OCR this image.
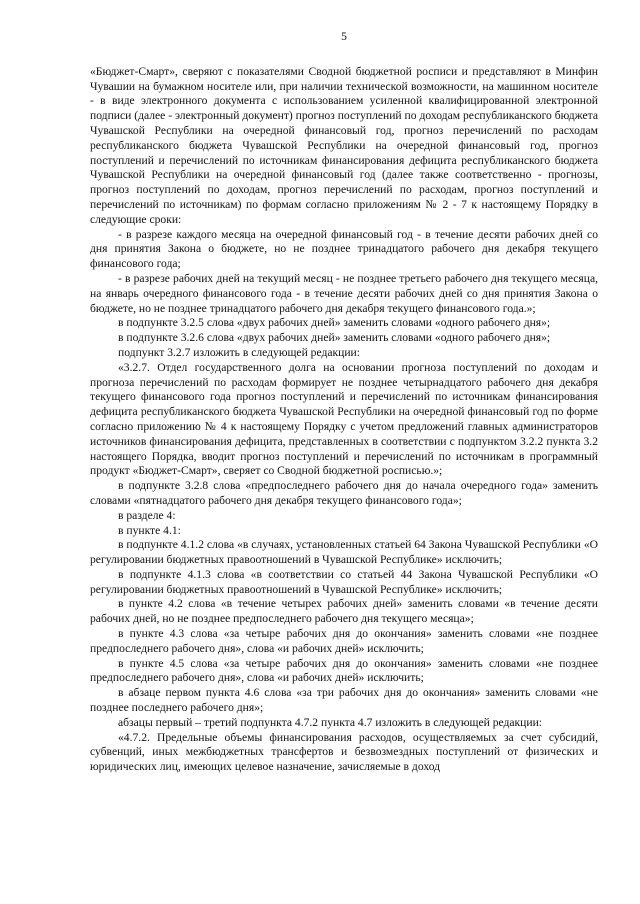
5

«Бюджет-Смарт», сверяют с показателями Сводной бюджетной росписи и представляют в Минфин Чувашии на бумажном носителе или, при наличии технической возможности, на машинном носителе - в виде электронного документа с использованием усиленной квалифицированной электронной подписи (далее - электронный документ) прогноз поступлений по доходам республиканского бюджета Чувашской Республики на очередной финансовый год, прогноз перечислений по расходам республиканского бюджета Чувашской Республики на очередной финансовый год, прогноз поступлений и перечислений по источникам финансирования дефицита республиканского бюджета Чувашской Республики на очередной финансовый год (далее также соответственно - прогнозы, прогноз поступлений по доходам, прогноз перечислений по расходам, прогноз поступлений и перечислений по источникам) по формам согласно приложениям № 2 - 7 к настоящему Порядку в следующие сроки:

- в разрезе каждого месяца на очередной финансовый год - в течение десяти рабочих дней со дня принятия Закона о бюджете, но не позднее тринадцатого рабочего дня декабря текущего финансового года;

- в разрезе рабочих дней на текущий месяц - не позднее третьего рабочего дня текущего месяца, на январь очередного финансового года - в течение десяти рабочих дней со дня принятия Закона о бюджете, но не позднее тринадцатого рабочего дня декабря текущего финансового года.»;

в подпункте 3.2.5 слова «двух рабочих дней» заменить словами «одного рабочего дня»;

в подпункте 3.2.6 слова «двух рабочих дней» заменить словами «одного рабочего дня»;

подпункт 3.2.7 изложить в следующей редакции:

«3.2.7. Отдел государственного долга на основании прогноза поступлений по доходам и прогноза перечислений по расходам формирует не позднее четырнадцатого рабочего дня декабря текущего финансового года прогноз поступлений и перечислений по источникам финансирования дефицита республиканского бюджета Чувашской Республики на очередной финансовый год по форме согласно приложению № 4 к настоящему Порядку с учетом предложений главных администраторов источников финансирования дефицита, представленных в соответствии с подпунктом 3.2.2 пункта 3.2 настоящего Порядка, вводит прогноз поступлений и перечислений по источникам в программный продукт «Бюджет-Смарт», сверяет со Сводной бюджетной росписью.»;

в подпункте 3.2.8 слова «предпоследнего рабочего дня до начала очередного года» заменить словами «пятнадцатого рабочего дня декабря текущего финансового года»;

в разделе 4:

в пункте 4.1:

в подпункте 4.1.2 слова «в случаях, установленных статьей 64 Закона Чувашской Республики «О регулировании бюджетных правоотношений в Чувашской Республике» исключить;

в подпункте 4.1.3 слова «в соответствии со статьей 44 Закона Чувашской Республики «О регулировании бюджетных правоотношений в Чувашской Республике» исключить;

в пункте 4.2 слова «в течение четырех рабочих дней» заменить словами «в течение десяти рабочих дней, но не позднее предпоследнего рабочего дня текущего месяца»;

в пункте 4.3 слова «за четыре рабочих дня до окончания» заменить словами «не позднее предпоследнего рабочего дня», слова «и рабочих дней» исключить;

в пункте 4.5 слова «за четыре рабочих дня до окончания» заменить словами «не позднее предпоследнего рабочего дня», слова «и рабочих дней» исключить;

в абзаце первом пункта 4.6 слова «за три рабочих дня до окончания» заменить словами «не позднее последнего рабочего дня»;

абзацы первый – третий подпункта 4.7.2 пункта 4.7 изложить в следующей редакции:

«4.7.2. Предельные объемы финансирования расходов, осуществляемых за счет субсидий, субвенций, иных межбюджетных трансфертов и безвозмездных поступлений от физических и юридических лиц, имеющих целевое назначение, зачисляемые в доход
